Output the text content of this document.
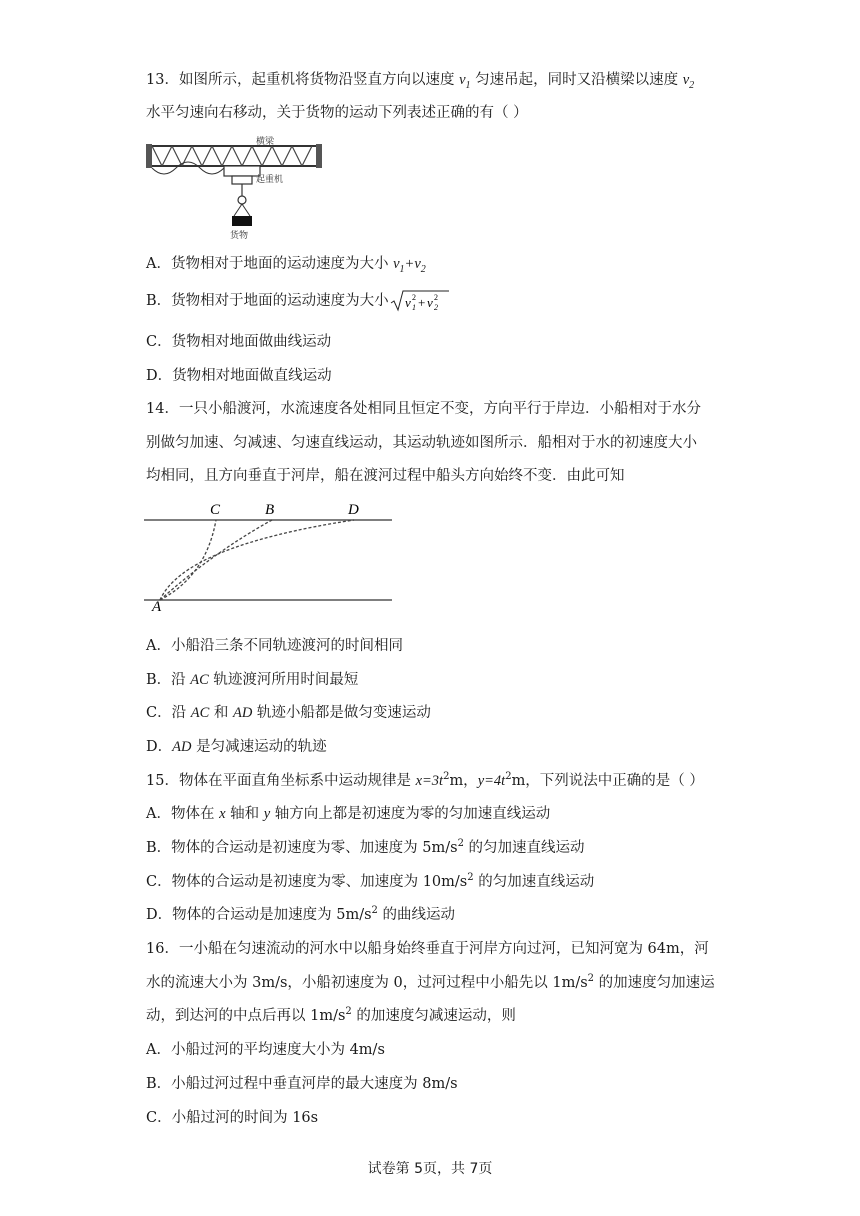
13．如图所示，起重机将货物沿竖直方向以速度 $v_1$ 匀速吊起，同时又沿横梁以速度 $v_2$
水平匀速向右移动，关于货物的运动下列表述正确的有（ ）
横梁
起重机
货物
A．货物相对于地面的运动速度为大小 $v_1+v_2$
B．货物相对于地面的运动速度为大小 v 1
2 + v 2
2
C．货物相对地面做曲线运动
D．货物相对地面做直线运动
14．一只小船渡河，水流速度各处相同且恒定不变，方向平行于岸边．小船相对于水分
别做匀加速、匀减速、匀速直线运动，其运动轨迹如图所示．船相对于水的初速度大小
均相同，且方向垂直于河岸，船在渡河过程中船头方向始终不变．由此可知
C	B	D
A
A．小船沿三条不同轨迹渡河的时间相同
B．沿 AC 轨迹渡河所用时间最短
C．沿 AC 和 AD 轨迹小船都是做匀变速运动
D．AD 是匀减速运动的轨迹
15．物体在平面直角坐标系中运动规律是 $x=3t^2m$，$y=4t^2m$，下列说法中正确的是（ ）
A．物体在 x 轴和 y 轴方向上都是初速度为零的匀加速直线运动
B．物体的合运动是初速度为零、加速度为 $5m/s^2$ 的匀加速直线运动
C．物体的合运动是初速度为零、加速度为 $10m/s^2$ 的匀加速直线运动
D．物体的合运动是加速度为 $5m/s^2$ 的曲线运动
16．一小船在匀速流动的河水中以船身始终垂直于河岸方向过河，已知河宽为 64m，河
水的流速大小为 3m/s，小船初速度为 0，过河过程中小船先以 $1m/s^2$ 的加速度匀加速运
动，到达河的中点后再以 $1m/s^2$ 的加速度匀减速运动，则
A．小船过河的平均速度大小为 4m/s
B．小船过河过程中垂直河岸的最大速度为 8m/s
C．小船过河的时间为 16s
试卷第 5页，共 7页
